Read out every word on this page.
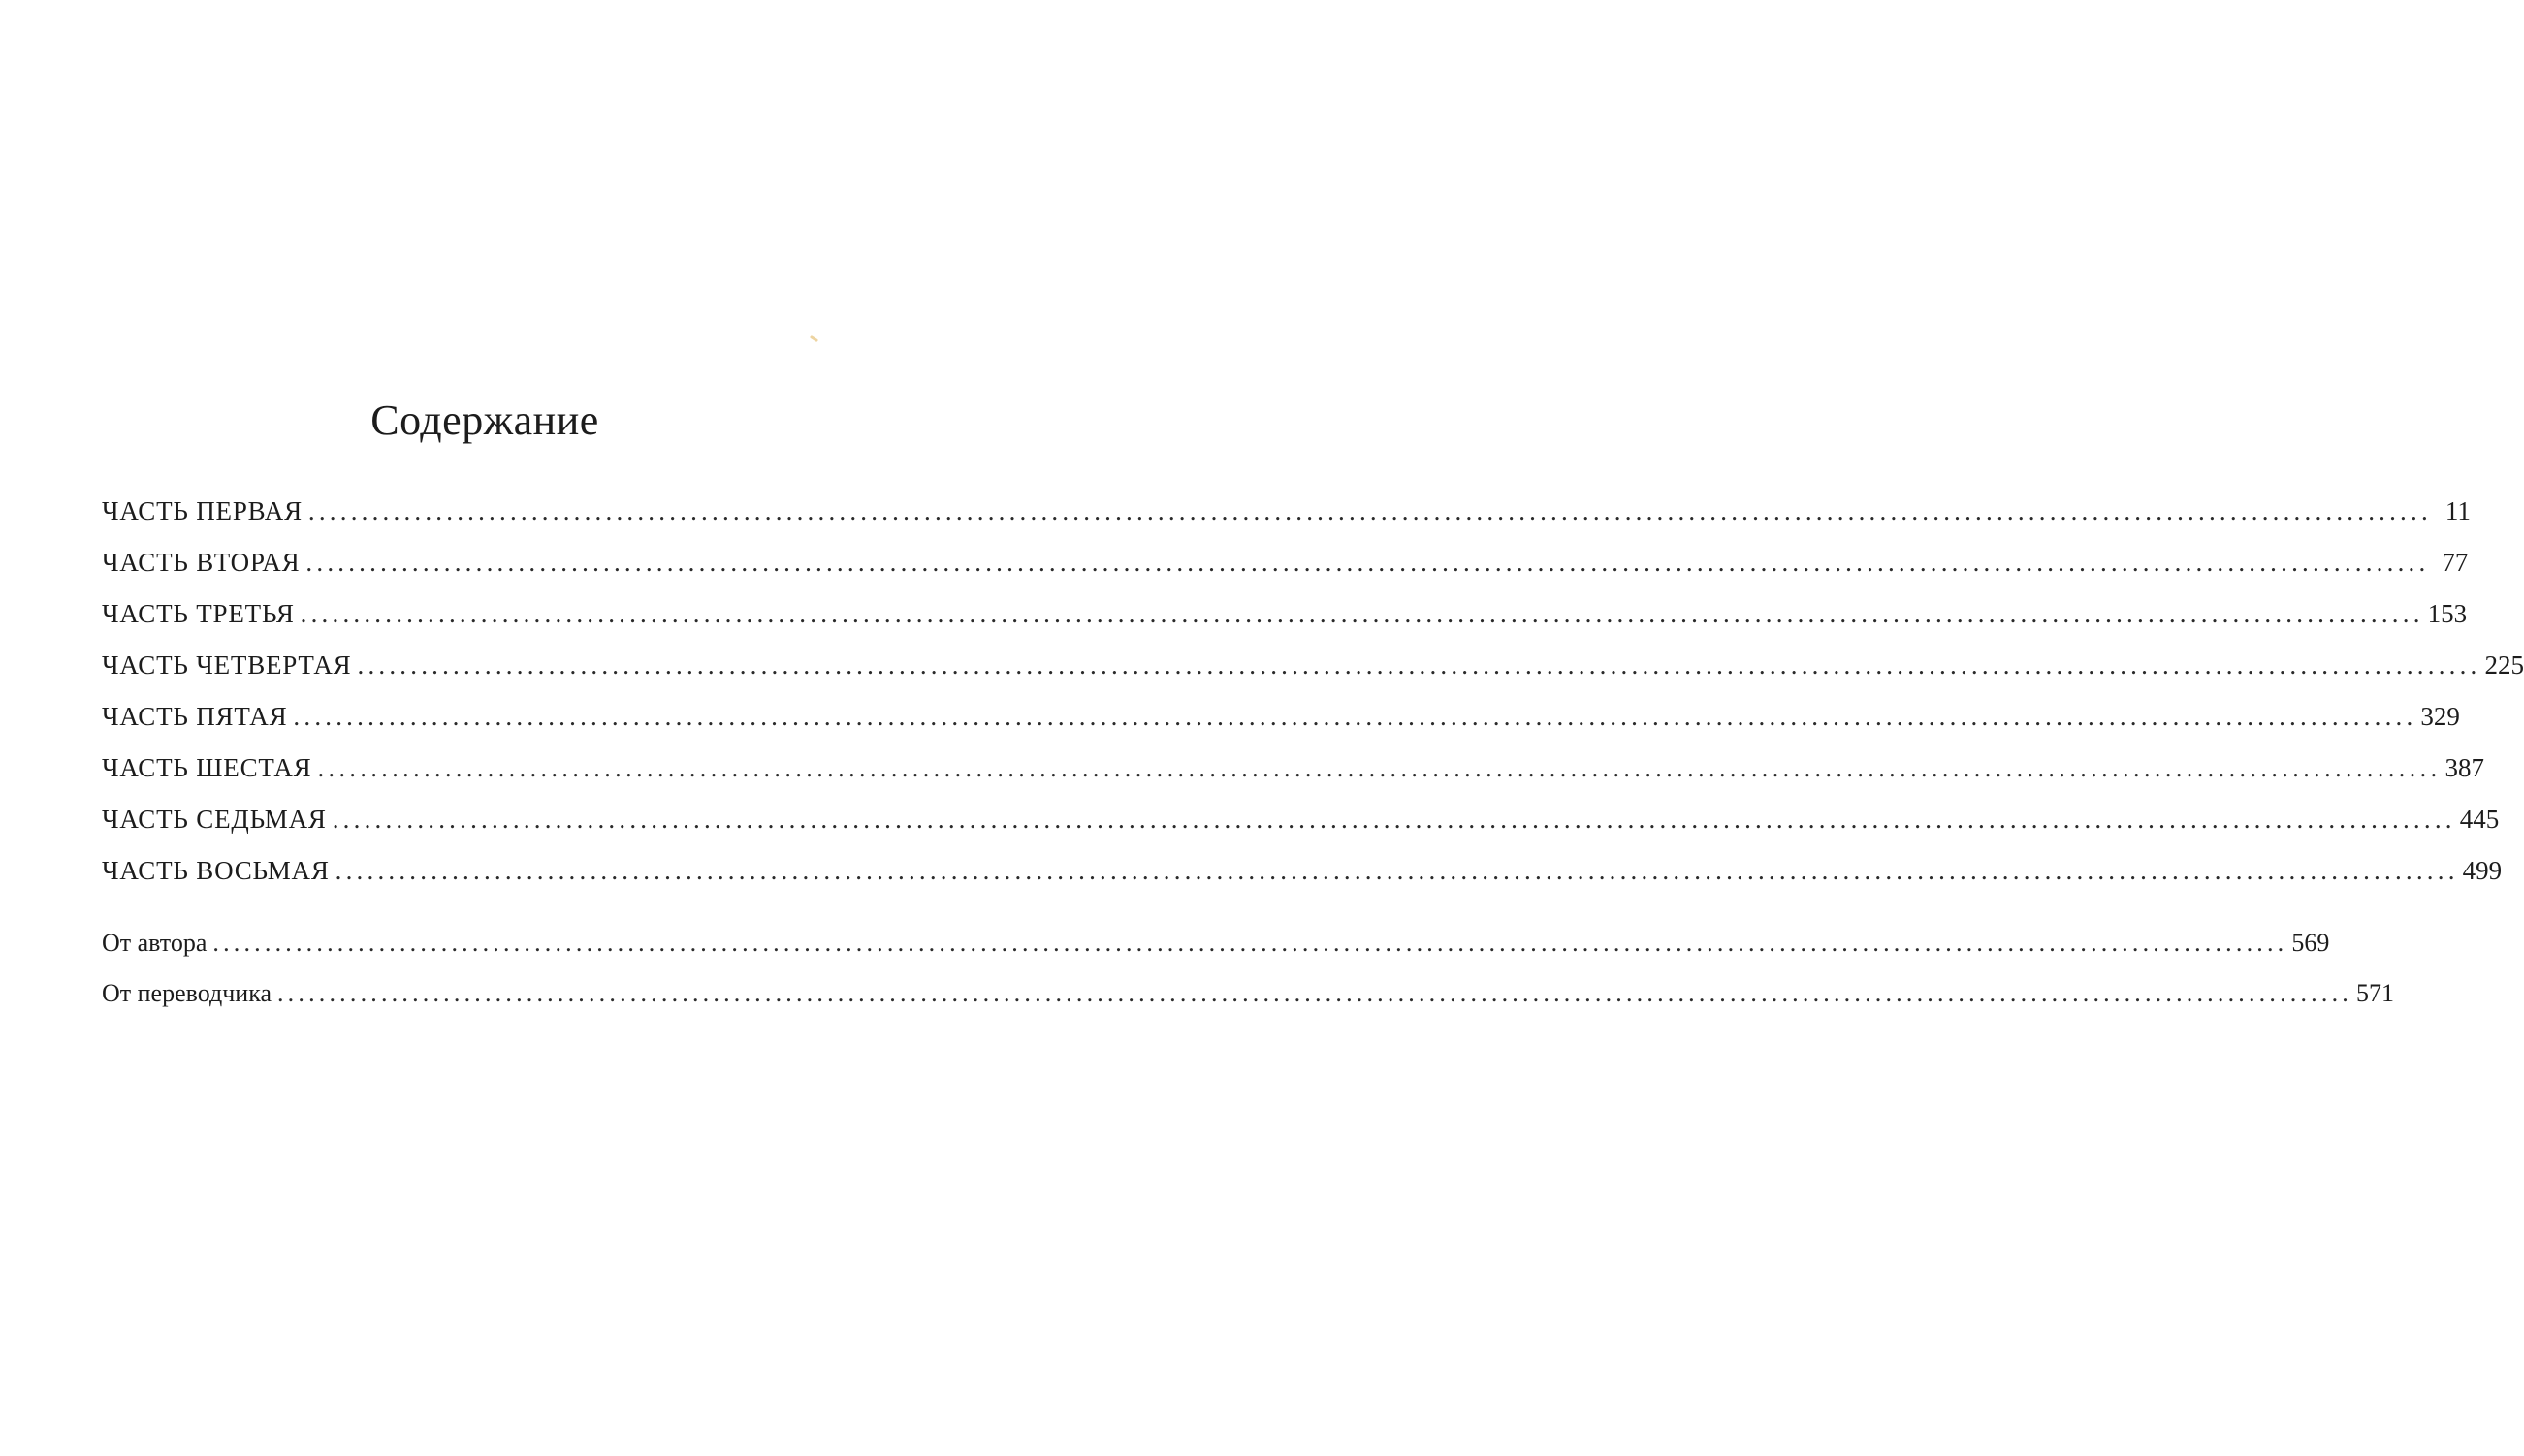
Содержание
ЧАСТЬ ПЕРВАЯ ........................................................................................................................................................................................................ 11
ЧАСТЬ ВТОРАЯ ........................................................................................................................................................................................................ 77
ЧАСТЬ ТРЕТЬЯ ........................................................................................................................................................................................................ 153
ЧАСТЬ ЧЕТВЕРТАЯ ........................................................................................................................................................................................................ 225
ЧАСТЬ ПЯТАЯ ........................................................................................................................................................................................................ 329
ЧАСТЬ ШЕСТАЯ ........................................................................................................................................................................................................ 387
ЧАСТЬ СЕДЬМАЯ ........................................................................................................................................................................................................ 445
ЧАСТЬ ВОСЬМАЯ ........................................................................................................................................................................................................ 499
От автора ........................................................................................................................................................................................................ 569
От переводчика ........................................................................................................................................................................................................ 571
